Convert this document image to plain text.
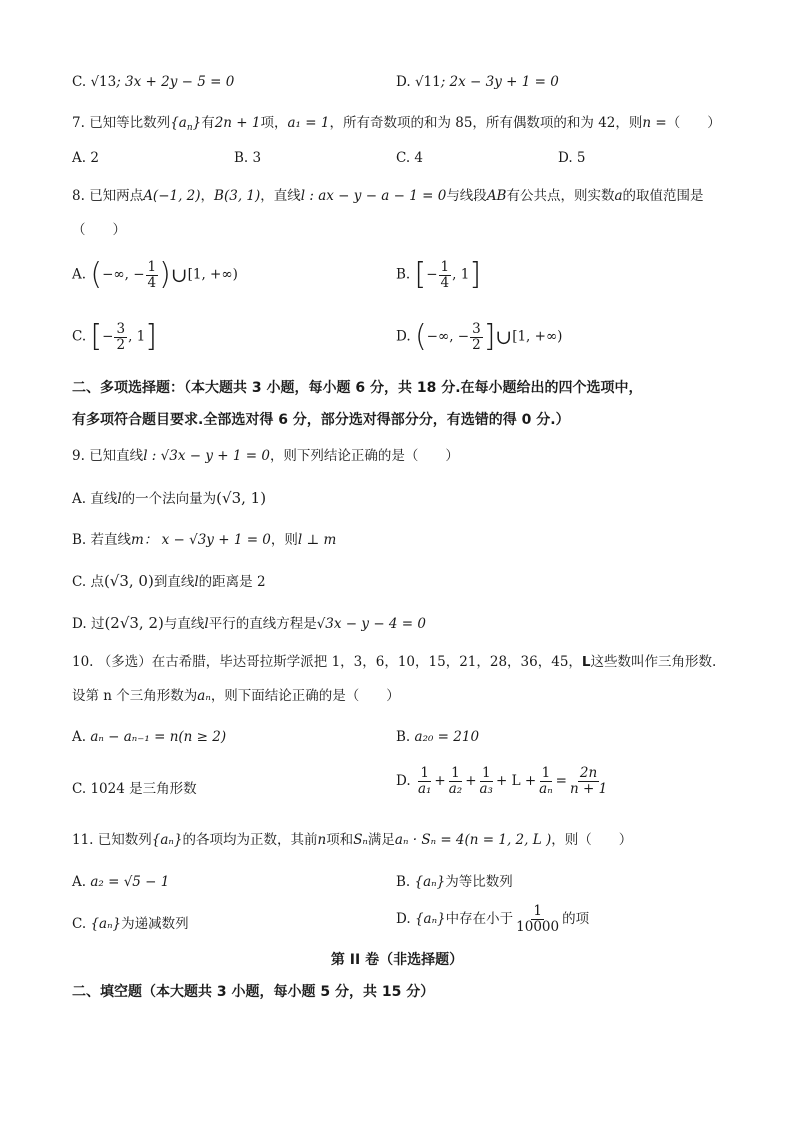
C. √13; 3x + 2y − 5 = 0	D. √11; 2x − 3y + 1 = 0
7. 已知等比数列$\{a_n\}$有2n + 1项，a₁ = 1，所有奇数项的和为 85，所有偶数项的和为 42，则n =（　　）
A. 2	B. 3	C. 4	D. 5
8. 已知两点A(−1, 2)，B(3, 1)，直线l : ax − y − a − 1 = 0与线段AB有公共点，则实数a的取值范围是
（　　）
A. (−∞, − $\frac{1}{4}$ )∪[1, +∞)	B. [− $\frac{1}{4}$ , 1]
C. [− $\frac{3}{2}$ , 1]	D. (−∞, − $\frac{3}{2}$ ]∪[1, +∞)
二、多项选择题：（本大题共 3 小题，每小题 6 分，共 18 分.在每小题给出的四个选项中，
有多项符合题目要求.全部选对得 6 分，部分选对得部分分，有选错的得 0 分.）
9. 已知直线l : √3x − y + 1 = 0，则下列结论正确的是（　　）
A. 直线l的一个法向量为(√3, 1)
B. 若直线m： x − √3y + 1 = 0，则l ⊥ m
C. 点(√3, 0)到直线l的距离是 2
D. 过(2√3, 2)与直线l平行的直线方程是√3x − y − 4 = 0
10. （多选）在古希腊，毕达哥拉斯学派把 1，3，6，10，15，21，28，36，45，L这些数叫作三角形数.
设第 n 个三角形数为aₙ，则下面结论正确的是（　　）
A. aₙ − aₙ₋₁ = n(n ≥ 2)	B. a₂₀ = 210
C. 1024 是三角形数	D. $\frac{1}{\text{a₁}} + \frac{1}{\text{a₂}} + \frac{1}{\text{a₃}} + L + \frac{1}{\text{aₙ}} = \frac{2n}{n + 1}$
11. 已知数列{aₙ}的各项均为正数，其前n项和Sₙ满足aₙ · Sₙ = 4(n = 1, 2, L )，则（　　）
A. a₂ = √5 − 1	B. {aₙ}为等比数列
C. {aₙ}为递减数列	D. {aₙ}中存在小于 $\frac{1}{10000}$ 的项
第 II 卷（非选择题）
二、填空题（本大题共 3 小题，每小题 5 分，共 15 分）
